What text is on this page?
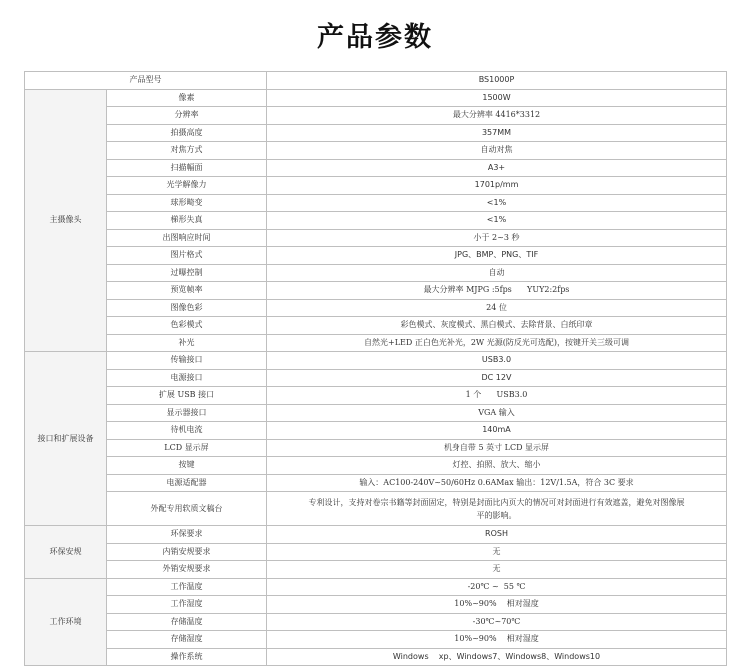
产品参数
产品型号		BS1000P
主摄像头	像素	1500W
	分辨率	最大分辨率 4416*3312
	拍摄高度	357MM
	对焦方式	自动对焦
	扫描幅面	A3+
	光学解像力	1701p/mm
	球形畸变	<1%
	梯形失真	<1%
	出图响应时间	小于 2~3 秒
	图片格式	JPG、BMP、PNG、TIF
	过曝控制	自动
	预览帧率	最大分辨率 MJPG :5fps      YUY2:2fps
	图像色彩	24 位
	色彩模式	彩色模式、灰度模式、黑白模式、去除背景、白纸印章
	补光	自然光+LED 正白色光补光，2W 光源(防反光可选配)，按键开关三级可调
接口和扩展设备	传输接口	USB3.0
	电源接口	DC 12V
	扩展 USB 接口	1 个      USB3.0
	显示器接口	VGA 输入
	待机电流	140mA
	LCD 显示屏	机身自带 5 英寸 LCD 显示屏
	按键	灯控、拍照、放大、缩小
	电源适配器	输入：AC100-240V~50/60Hz 0.6AMax 输出：12V/1.5A，符合 3C 要求
	外配专用软质文稿台	专利设计，支持对卷宗书籍等封面固定，特别是封面比内页大的情况可对封面进行有效遮盖，避免对图像展平的影响。
环保安规	环保要求	ROSH
	内销安规要求	无
	外销安规要求	无
工作环境	工作温度	-20℃ ~  55 ℃
	工作湿度	10%~90%    相对湿度
	存储温度	-30℃~70℃
	存储湿度	10%~90%    相对湿度
	操作系统	Windows    xp、Windows7、Windows8、Windows10
